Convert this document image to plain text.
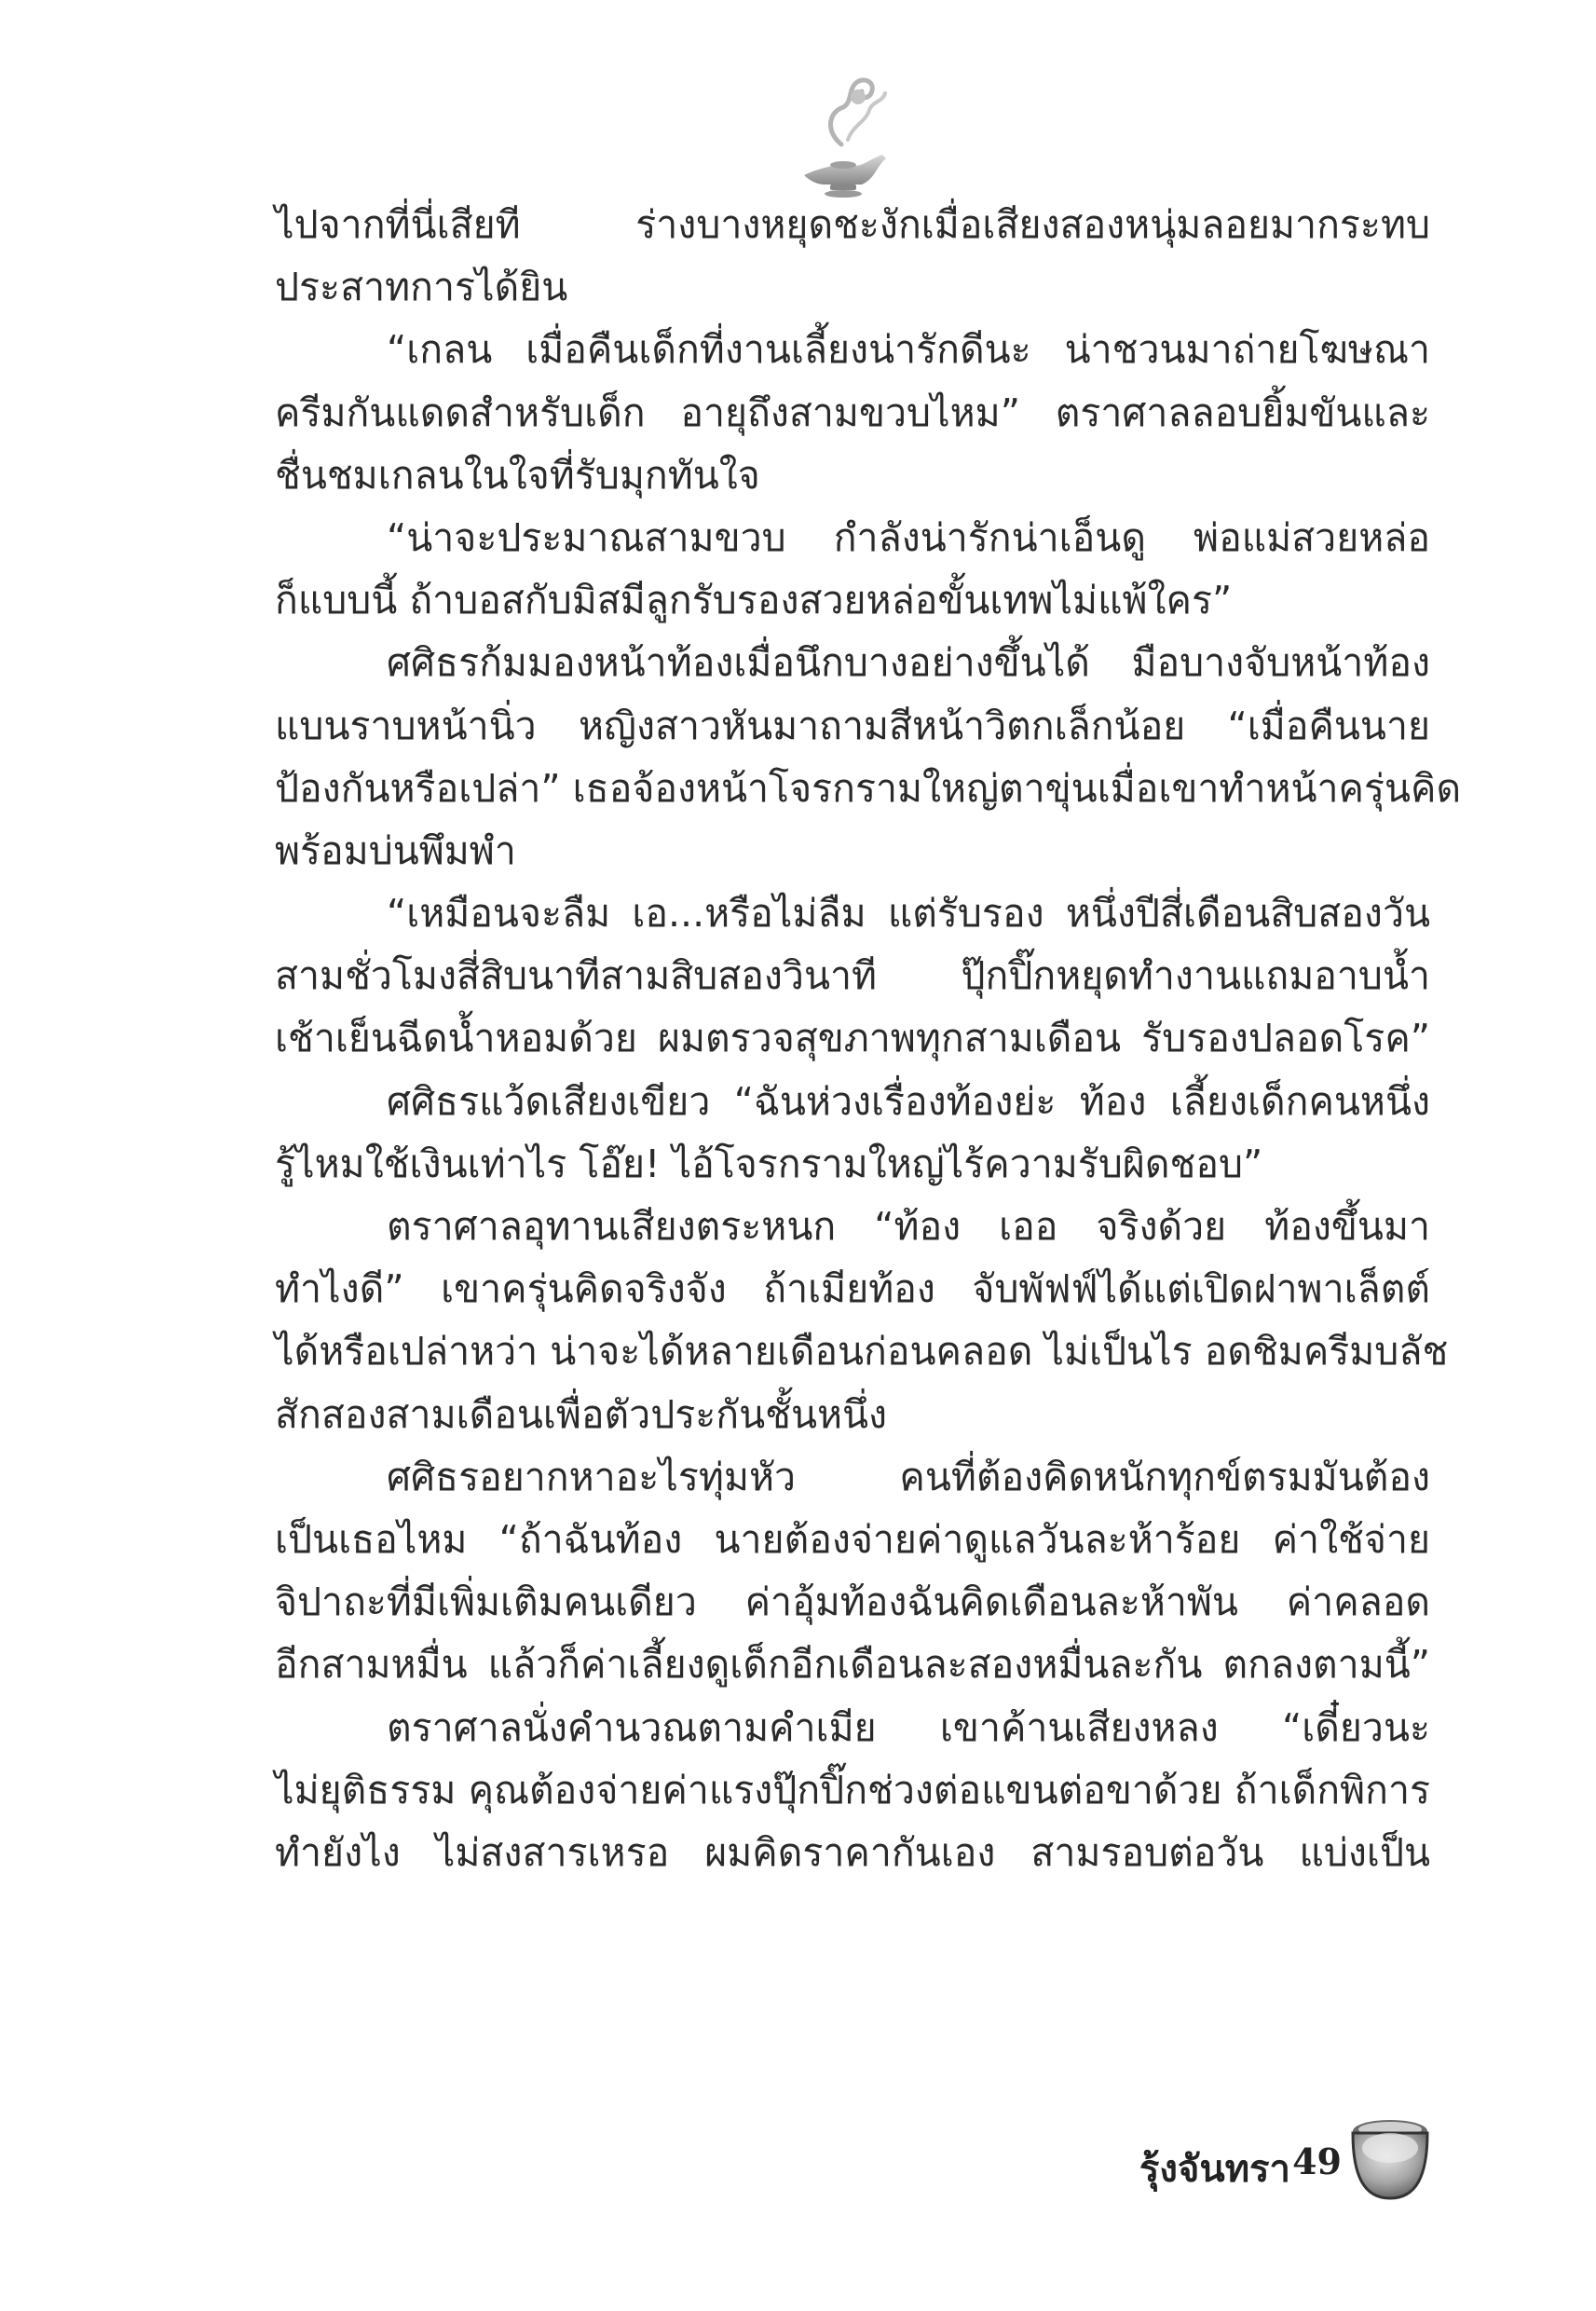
ไปจากที่นี่เสียที ร่างบางหยุดชะงักเมื่อเสียงสองหนุ่มลอยมากระทบ
ประสาทการได้ยิน
“เกลน เมื่อคืนเด็กที่งานเลี้ยงน่ารักดีนะ น่าชวนมาถ่ายโฆษณา
ครีมกันแดดสำหรับเด็ก อายุถึงสามขวบไหม” ตราศาลลอบยิ้มขันและ
ชื่นชมเกลนในใจที่รับมุกทันใจ
“น่าจะประมาณสามขวบ กำลังน่ารักน่าเอ็นดู พ่อแม่สวยหล่อ
ก็แบบนี้ ถ้าบอสกับมิสมีลูกรับรองสวยหล่อขั้นเทพไม่แพ้ใคร”
ศศิธรก้มมองหน้าท้องเมื่อนึกบางอย่างขึ้นได้ มือบางจับหน้าท้อง
แบนราบหน้านิ่ว หญิงสาวหันมาถามสีหน้าวิตกเล็กน้อย “เมื่อคืนนาย
ป้องกันหรือเปล่า” เธอจ้องหน้าโจรกรามใหญ่ตาขุ่นเมื่อเขาทำหน้าครุ่นคิด
พร้อมบ่นพึมพำ
“เหมือนจะลืม เอ...หรือไม่ลืม แต่รับรอง หนึ่งปีสี่เดือนสิบสองวัน
สามชั่วโมงสี่สิบนาทีสามสิบสองวินาที ปุ๊กปิ๊กหยุดทำงานแถมอาบน้ำ
เช้าเย็นฉีดน้ำหอมด้วย ผมตรวจสุขภาพทุกสามเดือน รับรองปลอดโรค”
ศศิธรแว้ดเสียงเขียว “ฉันห่วงเรื่องท้องย่ะ ท้อง เลี้ยงเด็กคนหนึ่ง
รู้ไหมใช้เงินเท่าไร โอ๊ย! ไอ้โจรกรามใหญ่ไร้ความรับผิดชอบ”
ตราศาลอุทานเสียงตระหนก “ท้อง เออ จริงด้วย ท้องขึ้นมา
ทำไงดี” เขาครุ่นคิดจริงจัง ถ้าเมียท้อง จับพัฟฟ์ได้แต่เปิดฝาพาเล็ตต์
ได้หรือเปล่าหว่า น่าจะได้หลายเดือนก่อนคลอด ไม่เป็นไร อดชิมครีมบลัช
สักสองสามเดือนเพื่อตัวประกันชั้นหนึ่ง
ศศิธรอยากหาอะไรทุ่มหัว คนที่ต้องคิดหนักทุกข์ตรมมันต้อง
เป็นเธอไหม “ถ้าฉันท้อง นายต้องจ่ายค่าดูแลวันละห้าร้อย ค่าใช้จ่าย
จิปาถะที่มีเพิ่มเติมคนเดียว ค่าอุ้มท้องฉันคิดเดือนละห้าพัน ค่าคลอด
อีกสามหมื่น แล้วก็ค่าเลี้ยงดูเด็กอีกเดือนละสองหมื่นละกัน ตกลงตามนี้”
ตราศาลนั่งคำนวณตามคำเมีย เขาค้านเสียงหลง “เดี๋ยวนะ
ไม่ยุติธรรม คุณต้องจ่ายค่าแรงปุ๊กปิ๊กช่วงต่อแขนต่อขาด้วย ถ้าเด็กพิการ
ทำยังไง ไม่สงสารเหรอ ผมคิดราคากันเอง สามรอบต่อวัน แบ่งเป็น
รุ้งจันทรา 49
